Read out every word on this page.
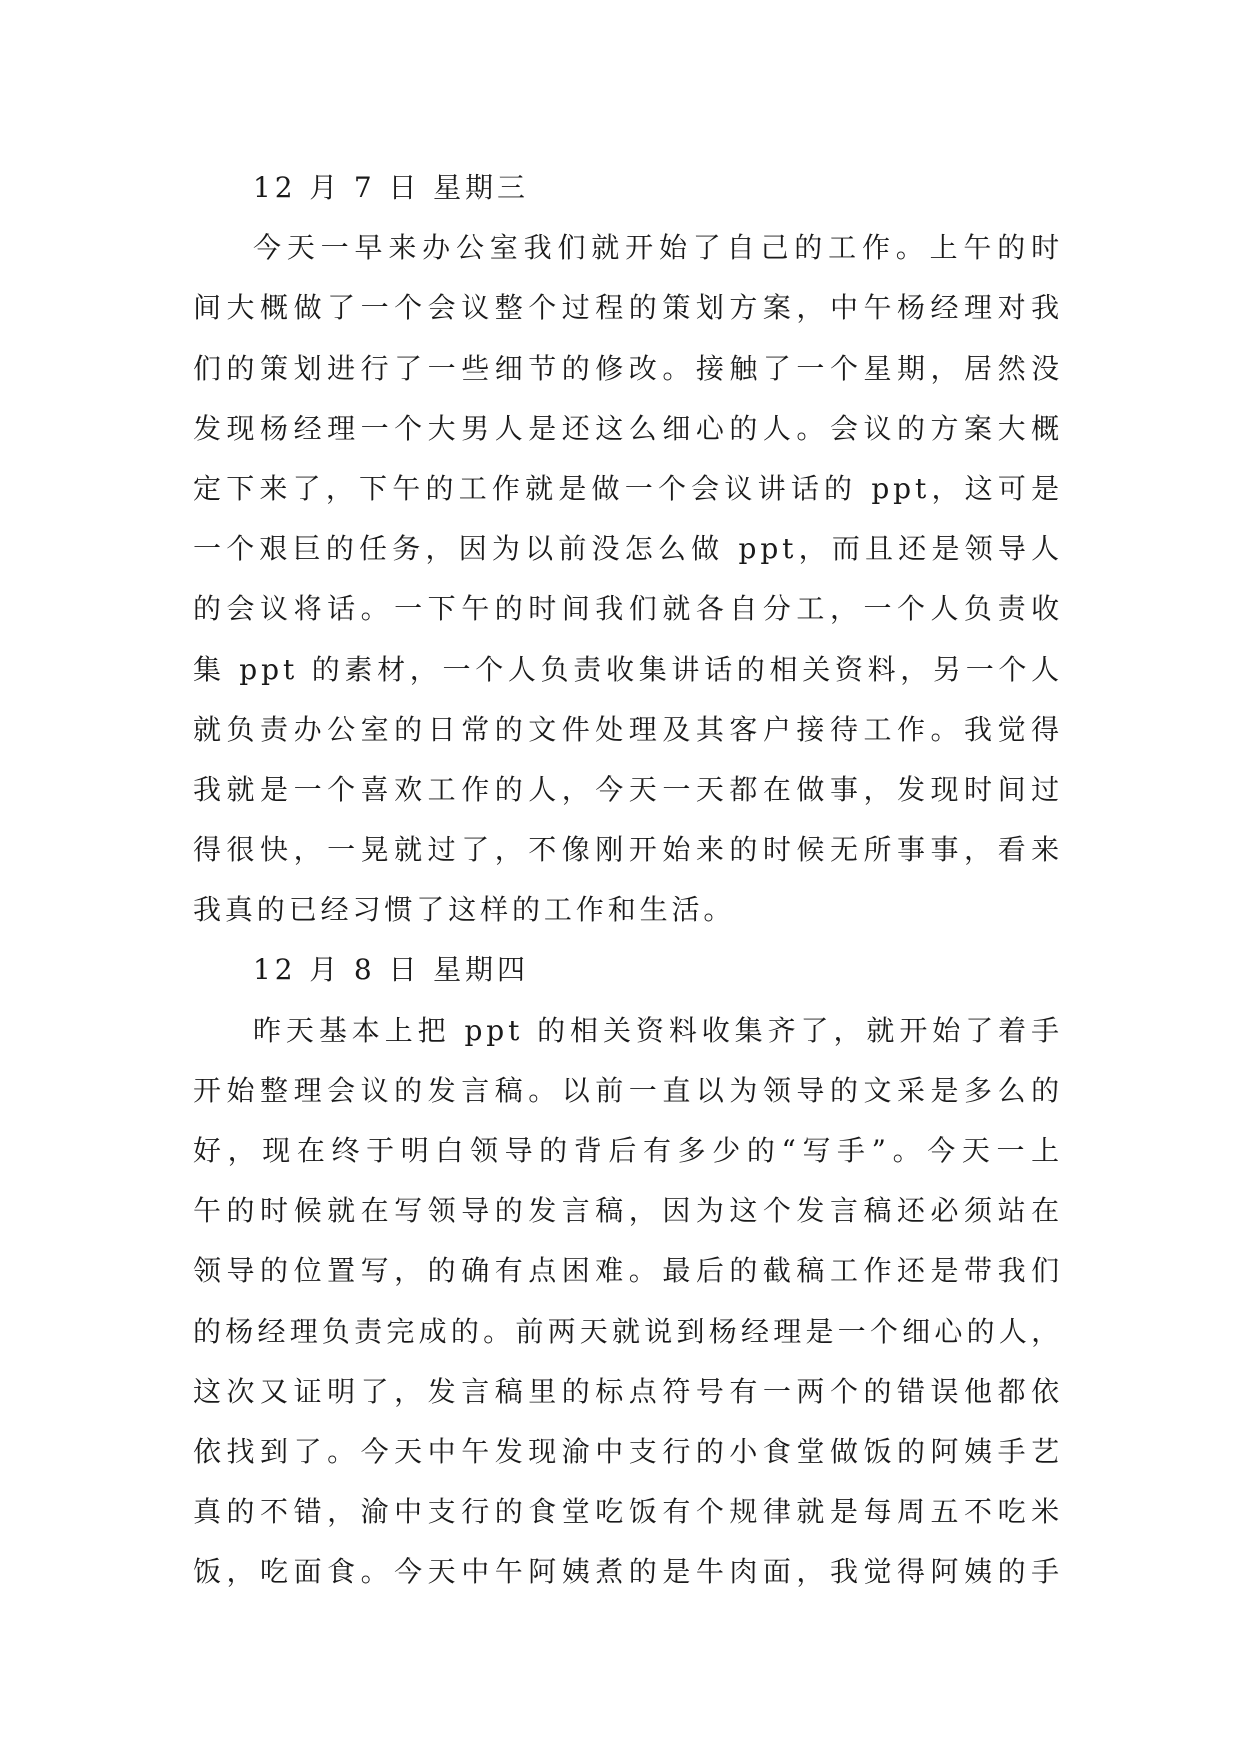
12 月 7 日 星期三
今天一早来办公室我们就开始了自己的工作。上午的时
间大概做了一个会议整个过程的策划方案，中午杨经理对我
们的策划进行了一些细节的修改。接触了一个星期，居然没
发现杨经理一个大男人是还这么细心的人。会议的方案大概
定下来了，下午的工作就是做一个会议讲话的 ppt，这可是
一个艰巨的任务，因为以前没怎么做 ppt，而且还是领导人
的会议将话。一下午的时间我们就各自分工，一个人负责收
集 ppt 的素材，一个人负责收集讲话的相关资料，另一个人
就负责办公室的日常的文件处理及其客户接待工作。我觉得
我就是一个喜欢工作的人，今天一天都在做事，发现时间过
得很快，一晃就过了，不像刚开始来的时候无所事事，看来
我真的已经习惯了这样的工作和生活。
12 月 8 日 星期四
昨天基本上把 ppt 的相关资料收集齐了，就开始了着手
开始整理会议的发言稿。以前一直以为领导的文采是多么的
好，现在终于明白领导的背后有多少的“写手”。今天一上
午的时候就在写领导的发言稿，因为这个发言稿还必须站在
领导的位置写，的确有点困难。最后的截稿工作还是带我们
的杨经理负责完成的。前两天就说到杨经理是一个细心的人，
这次又证明了，发言稿里的标点符号有一两个的错误他都依
依找到了。今天中午发现渝中支行的小食堂做饭的阿姨手艺
真的不错，渝中支行的食堂吃饭有个规律就是每周五不吃米
饭，吃面食。今天中午阿姨煮的是牛肉面，我觉得阿姨的手
